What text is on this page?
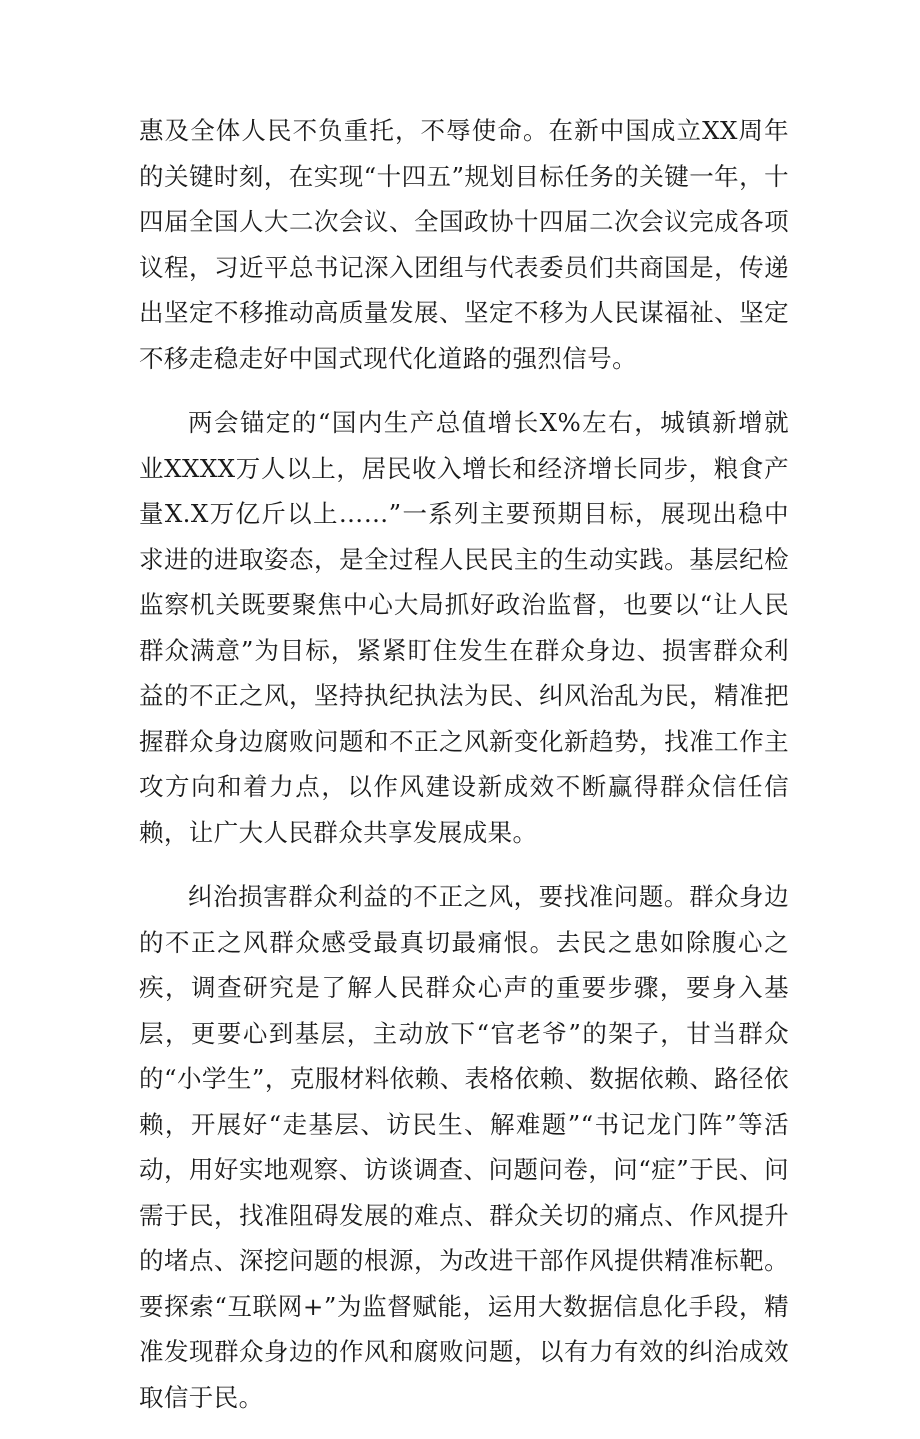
惠及全体人民不负重托，不辱使命。在新中国成立XX周年的关键时刻，在实现“十四五”规划目标任务的关键一年，十四届全国人大二次会议、全国政协十四届二次会议完成各项议程，习近平总书记深入团组与代表委员们共商国是，传递出坚定不移推动高质量发展、坚定不移为人民谋福祉、坚定不移走稳走好中国式现代化道路的强烈信号。

两会锚定的“国内生产总值增长X%左右，城镇新增就业XXXX万人以上，居民收入增长和经济增长同步，粮食产量X.X万亿斤以上……”一系列主要预期目标，展现出稳中求进的进取姿态，是全过程人民民主的生动实践。基层纪检监察机关既要聚焦中心大局抓好政治监督，也要以“让人民群众满意”为目标，紧紧盯住发生在群众身边、损害群众利益的不正之风，坚持执纪执法为民、纠风治乱为民，精准把握群众身边腐败问题和不正之风新变化新趋势，找准工作主攻方向和着力点，以作风建设新成效不断赢得群众信任信赖，让广大人民群众共享发展成果。

纠治损害群众利益的不正之风，要找准问题。群众身边的不正之风群众感受最真切最痛恨。去民之患如除腹心之疾，调查研究是了解人民群众心声的重要步骤，要身入基层，更要心到基层，主动放下“官老爷”的架子，甘当群众的“小学生”，克服材料依赖、表格依赖、数据依赖、路径依赖，开展好“走基层、访民生、解难题”“书记龙门阵”等活动，用好实地观察、访谈调查、问题问卷，问“症”于民、问需于民，找准阻碍发展的难点、群众关切的痛点、作风提升的堵点、深挖问题的根源，为改进干部作风提供精准标靶。要探索“互联网+”为监督赋能，运用大数据信息化手段，精准发现群众身边的作风和腐败问题，以有力有效的纠治成效取信于民。
